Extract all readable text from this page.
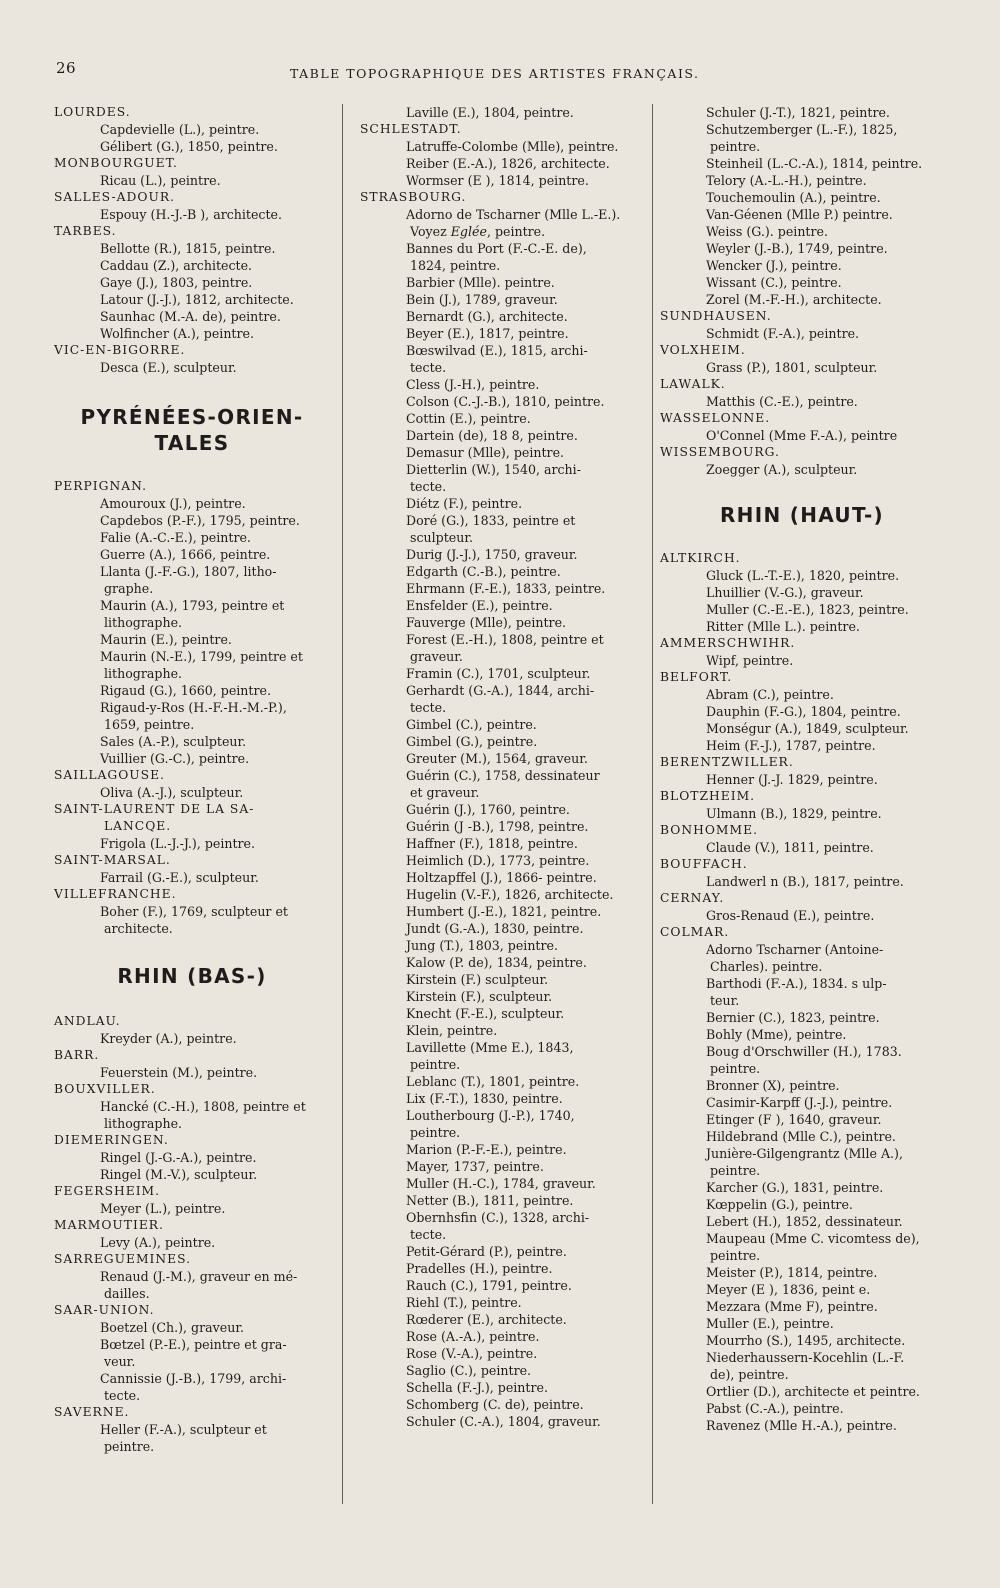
26	TABLE TOPOGRAPHIQUE DES ARTISTES FRANÇAIS.
LOURDES.
Capdevielle (L.), peintre.
Gélibert (G.), 1850, peintre.
MONBOURGUET.
Ricau (L.), peintre.
SALLES-ADOUR.
Espouy (H.-J.-B ), architecte.
TARBES.
Bellotte (R.), 1815, peintre.
Caddau (Z.), architecte.
Gaye (J.), 1803, peintre.
Latour (J.-J.), 1812, architecte.
Saunhac (M.-A. de), peintre.
Wolfincher (A.), peintre.
VIC-EN-BIGORRE.
Desca (E.), sculpteur.
PYRÉNÉES-ORIEN-
TALES
PERPIGNAN.
Amouroux (J.), peintre.
Capdebos (P.-F.), 1795, peintre.
Falie (A.-C.-E.), peintre.
Guerre (A.), 1666, peintre.
Llanta (J.-F.-G.), 1807, litho-
graphe.
Maurin (A.), 1793, peintre et
lithographe.
Maurin (E.), peintre.
Maurin (N.-E.), 1799, peintre et
lithographe.
Rigaud (G.), 1660, peintre.
Rigaud-y-Ros (H.-F.-H.-M.-P.),
1659, peintre.
Sales (A.-P.), sculpteur.
Vuillier (G.-C.), peintre.
SAILLAGOUSE.
Oliva (A.-J.), sculpteur.
SAINT-LAURENT DE LA SA-
LANCQE.
Frigola (L.-J.-J.), peintre.
SAINT-MARSAL.
Farrail (G.-E.), sculpteur.
VILLEFRANCHE.
Boher (F.), 1769, sculpteur et
architecte.
RHIN (BAS-)
ANDLAU.
Kreyder (A.), peintre.
BARR.
Feuerstein (M.), peintre.
BOUXVILLER.
Hancké (C.-H.), 1808, peintre et
lithographe.
DIEMERINGEN.
Ringel (J.-G.-A.), peintre.
Ringel (M.-V.), sculpteur.
FEGERSHEIM.
Meyer (L.), peintre.
MARMOUTIER.
Levy (A.), peintre.
SARREGUEMINES.
Renaud (J.-M.), graveur en mé-
dailles.
SAAR-UNION.
Boetzel (Ch.), graveur.
Bœtzel (P.-E.), peintre et gra-
veur.
Cannissie (J.-B.), 1799, archi-
tecte.
SAVERNE.
Heller (F.-A.), sculpteur et
peintre.
Laville (E.), 1804, peintre.
SCHLESTADT.
Latruffe-Colombe (Mlle), peintre.
Reiber (E.-A.), 1826, architecte.
Wormser (E ), 1814, peintre.
STRASBOURG.
Adorno de Tscharner (Mlle L.-E.).
Voyez Eglée, peintre.
Bannes du Port (F.-C.-E. de),
1824, peintre.
Barbier (Mlle). peintre.
Bein (J.), 1789, graveur.
Bernardt (G.), architecte.
Beyer (E.), 1817, peintre.
Bœswilvad (E.), 1815, archi-
tecte.
Cless (J.-H.), peintre.
Colson (C.-J.-B.), 1810, peintre.
Cottin (E.), peintre.
Dartein (de), 18 8, peintre.
Demasur (Mlle), peintre.
Dietterlin (W.), 1540, archi-
tecte.
Diétz (F.), peintre.
Doré (G.), 1833, peintre et
sculpteur.
Durig (J.-J.), 1750, graveur.
Edgarth (C.-B.), peintre.
Ehrmann (F.-E.), 1833, peintre.
Ensfelder (E.), peintre.
Fauverge (Mlle), peintre.
Forest (E.-H.), 1808, peintre et
graveur.
Framin (C.), 1701, sculpteur.
Gerhardt (G.-A.), 1844, archi-
tecte.
Gimbel (C.), peintre.
Gimbel (G.), peintre.
Greuter (M.), 1564, graveur.
Guérin (C.), 1758, dessinateur
et graveur.
Guérin (J.), 1760, peintre.
Guérin (J -B.), 1798, peintre.
Haffner (F.), 1818, peintre.
Heimlich (D.), 1773, peintre.
Holtzapffel (J.), 1866- peintre.
Hugelin (V.-F.), 1826, architecte.
Humbert (J.-E.), 1821, peintre.
Jundt (G.-A.), 1830, peintre.
Jung (T.), 1803, peintre.
Kalow (P. de), 1834, peintre.
Kirstein (F.) sculpteur.
Kirstein (F.), sculpteur.
Knecht (F.-E.), sculpteur.
Klein, peintre.
Lavillette (Mme E.), 1843,
peintre.
Leblanc (T.), 1801, peintre.
Lix (F.-T.), 1830, peintre.
Loutherbourg (J.-P.), 1740,
peintre.
Marion (P.-F.-E.), peintre.
Mayer, 1737, peintre.
Muller (H.-C.), 1784, graveur.
Netter (B.), 1811, peintre.
Obernhsfin (C.), 1328, archi-
tecte.
Petit-Gérard (P.), peintre.
Pradelles (H.), peintre.
Rauch (C.), 1791, peintre.
Riehl (T.), peintre.
Rœderer (E.), architecte.
Rose (A.-A.), peintre.
Rose (V.-A.), peintre.
Saglio (C.), peintre.
Schella (F.-J.), peintre.
Schomberg (C. de), peintre.
Schuler (C.-A.), 1804, graveur.
Schuler (J.-T.), 1821, peintre.
Schutzemberger (L.-F.), 1825,
peintre.
Steinheil (L.-C.-A.), 1814, peintre.
Telory (A.-L.-H.), peintre.
Touchemoulin (A.), peintre.
Van-Géenen (Mlle P.) peintre.
Weiss (G.). peintre.
Weyler (J.-B.), 1749, peintre.
Wencker (J.), peintre.
Wissant (C.), peintre.
Zorel (M.-F.-H.), architecte.
SUNDHAUSEN.
Schmidt (F.-A.), peintre.
VOLXHEIM.
Grass (P.), 1801, sculpteur.
LAWALK.
Matthis (C.-E.), peintre.
WASSELONNE.
O'Connel (Mme F.-A.), peintre
WISSEMBOURG.
Zoegger (A.), sculpteur.
RHIN (HAUT-)
ALTKIRCH.
Gluck (L.-T.-E.), 1820, peintre.
Lhuillier (V.-G.), graveur.
Muller (C.-E.-E.), 1823, peintre.
Ritter (Mlle L.). peintre.
AMMERSCHWIHR.
Wipf, peintre.
BELFORT.
Abram (C.), peintre.
Dauphin (F.-G.), 1804, peintre.
Monségur (A.), 1849, sculpteur.
Heim (F.-J.), 1787, peintre.
BERENTZWILLER.
Henner (J.-J. 1829, peintre.
BLOTZHEIM.
Ulmann (B.), 1829, peintre.
BONHOMME.
Claude (V.), 1811, peintre.
BOUFFACH.
Landwerl n (B.), 1817, peintre.
CERNAY.
Gros-Renaud (E.), peintre.
COLMAR.
Adorno Tscharner (Antoine-
Charles). peintre.
Barthodi (F.-A.), 1834. s ulp-
teur.
Bernier (C.), 1823, peintre.
Bohly (Mme), peintre.
Boug d'Orschwiller (H.), 1783.
peintre.
Bronner (X), peintre.
Casimir-Karpff (J.-J.), peintre.
Etinger (F ), 1640, graveur.
Hildebrand (Mlle C.), peintre.
Junière-Gilgengrantz (Mlle A.),
peintre.
Karcher (G.), 1831, peintre.
Kœppelin (G.), peintre.
Lebert (H.), 1852, dessinateur.
Maupeau (Mme C. vicomtess de),
peintre.
Meister (P.), 1814, peintre.
Meyer (E ), 1836, peint e.
Mezzara (Mme F), peintre.
Muller (E.), peintre.
Mourrho (S.), 1495, architecte.
Niederhaussern-Kocehlin (L.-F.
de), peintre.
Ortlier (D.), architecte et peintre.
Pabst (C.-A.), peintre.
Ravenez (Mlle H.-A.), peintre.
